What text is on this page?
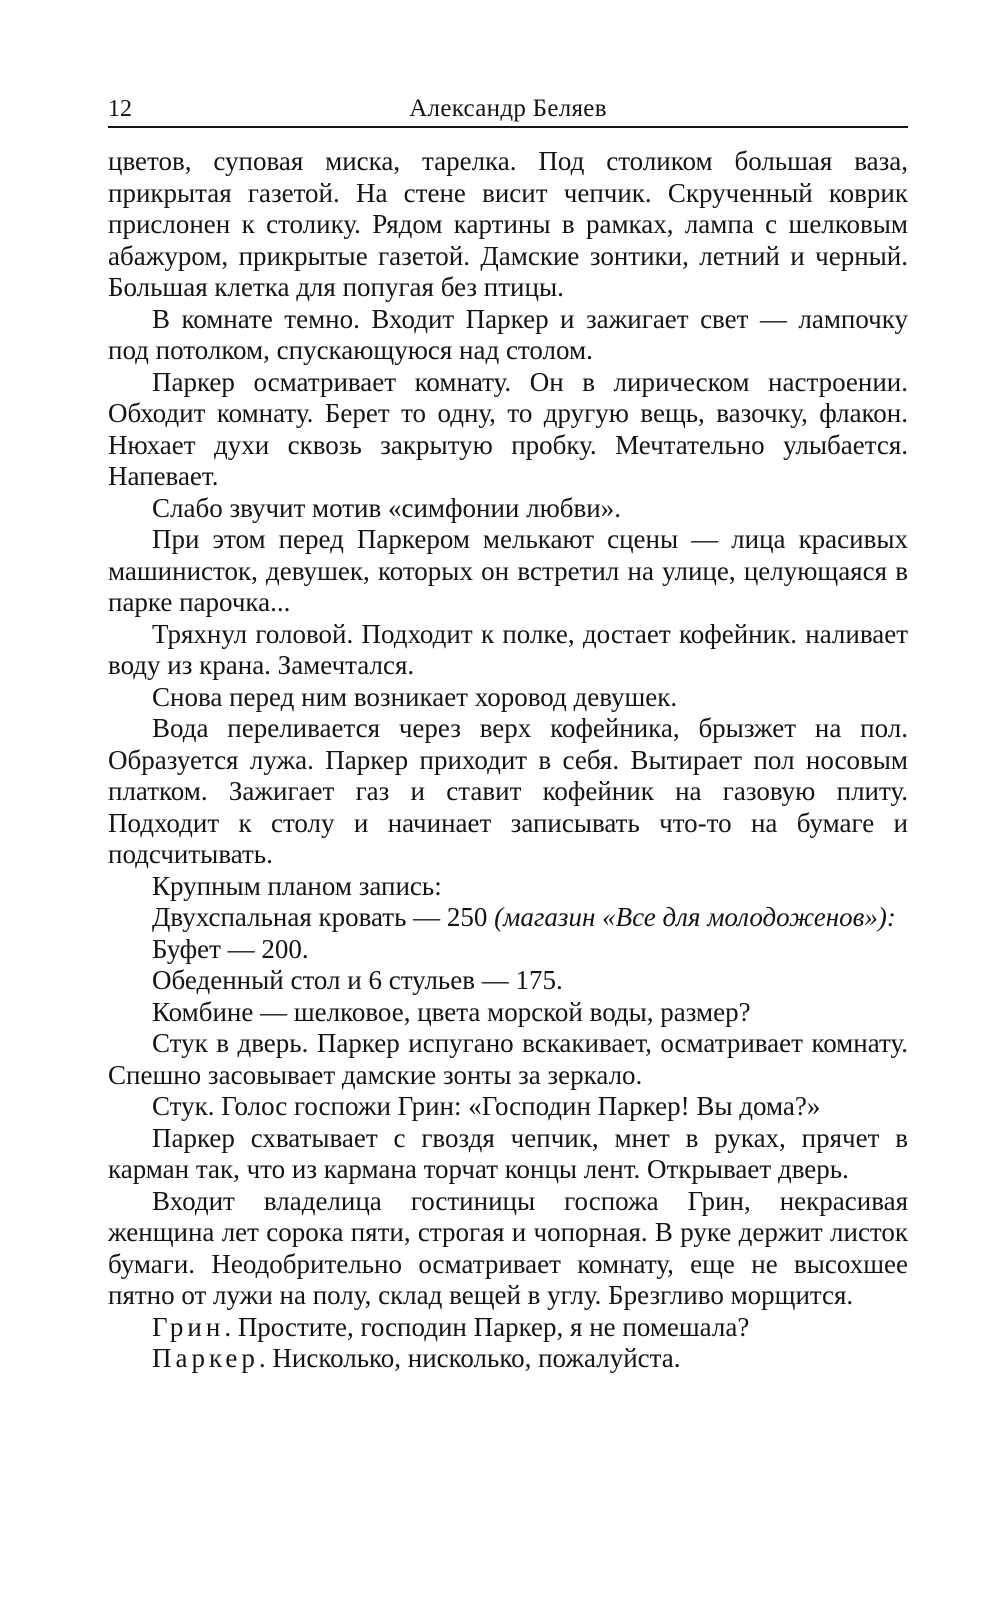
12	Александр Беляев

цветов, суповая миска, тарелка. Под столиком большая ваза, прикрытая газетой. На стене висит чепчик. Скрученный коврик прислонен к столику. Рядом картины в рамках, лампа с шелковым абажуром, прикрытые газетой. Дамские зонтики, летний и черный. Большая клетка для попугая без птицы.

В комнате темно. Входит Паркер и зажигает свет — лампочку под потолком, спускающуюся над столом.

Паркер осматривает комнату. Он в лирическом настроении. Обходит комнату. Берет то одну, то другую вещь, вазочку, флакон. Нюхает духи сквозь закрытую пробку. Мечтательно улыбается. Напевает.

Слабо звучит мотив «симфонии любви».

При этом перед Паркером мелькают сцены — лица красивых машинисток, девушек, которых он встретил на улице, целующаяся в парке парочка...

Тряхнул головой. Подходит к полке, достает кофейник. наливает воду из крана. Замечтался.

Снова перед ним возникает хоровод девушек.

Вода переливается через верх кофейника, брызжет на пол. Образуется лужа. Паркер приходит в себя. Вытирает пол носовым платком. Зажигает газ и ставит кофейник на газовую плиту. Подходит к столу и начинает записывать что-то на бумаге и подсчитывать.

Крупным планом запись:

Двухспальная кровать — 250 (магазин «Все для молодоженов»):

Буфет — 200.

Обеденный стол и 6 стульев — 175.

Комбине — шелковое, цвета морской воды, размер?

Стук в дверь. Паркер испугано вскакивает, осматривает комнату. Спешно засовывает дамские зонты за зеркало.

Стук. Голос госпожи Грин: «Господин Паркер! Вы дома?»

Паркер схватывает с гвоздя чепчик, мнет в руках, прячет в карман так, что из кармана торчат концы лент. Открывает дверь.

Входит владелица гостиницы госпожа Грин, некрасивая женщина лет сорока пяти, строгая и чопорная. В руке держит листок бумаги. Неодобрительно осматривает комнату, еще не высохшее пятно от лужи на полу, склад вещей в углу. Брезгливо морщится.

Грин. Простите, господин Паркер, я не помешала?

Паркер. Нисколько, нисколько, пожалуйста.
